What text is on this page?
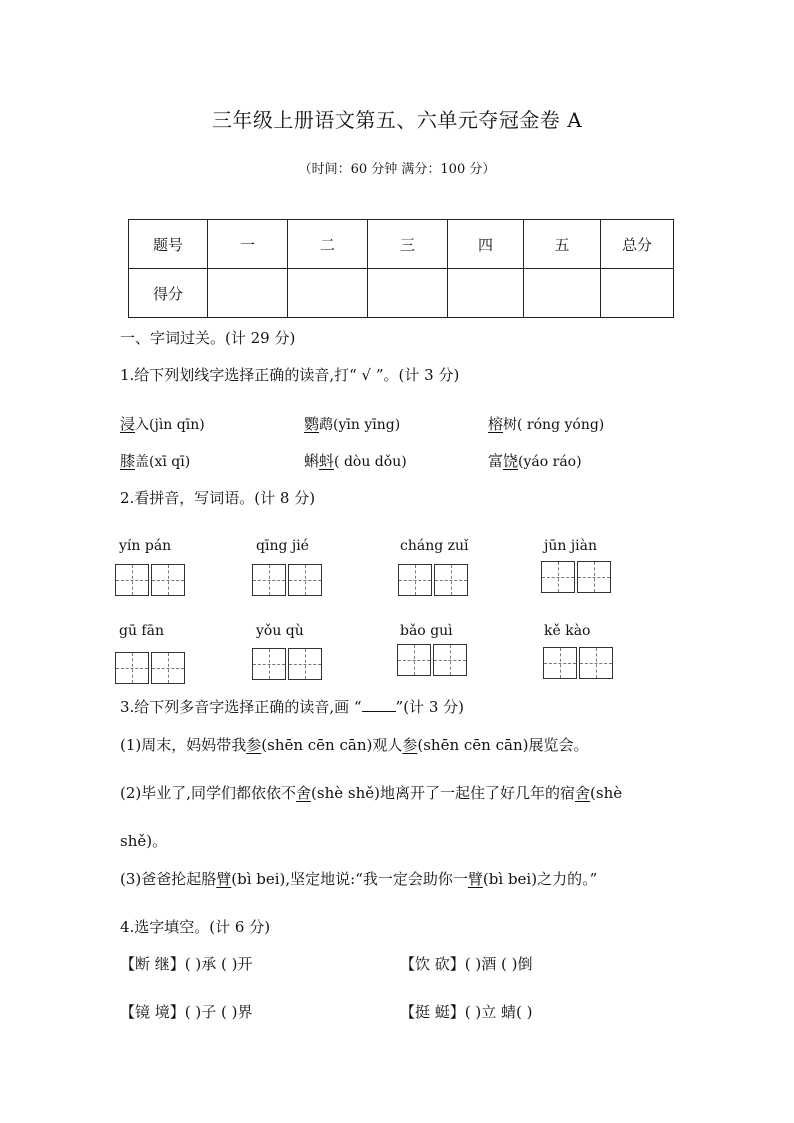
三年级上册语文第五、六单元夺冠金卷 A
（时间：60 分钟 满分：100 分）
题号	一	二	三	四	五	总分
得分						
一、字词过关。(计 29 分)
1.给下列划线字选择正确的读音,打“ √ ”。(计 3 分)
浸入(jìn qīn)	鹦鹉(yīn yīng)	榕树( róng yóng)
膝盖(xī qī)	蝌蚪( dòu dǒu)	富饶(yáo ráo)
2.看拼音，写词语。(计 8 分)
yín pán	qīng jié	cháng zuǐ	jūn jiàn
gū fān	yǒu qù	bǎo guì	kě kào
3.给下列多音字选择正确的读音,画 “ ”(计 3 分)
(1)周末，妈妈带我参(shēn cēn cān)观人参(shēn cēn cān)展览会。
(2)毕业了,同学们都依依不舍(shè shě)地离开了一起住了好几年的宿舍(shè
shě)。
(3)爸爸抡起胳臂(bì bei),坚定地说:“我一定会助你一臂(bì bei)之力的。”
4.选字填空。(计 6 分)
【断 继】( )承 ( )开	【饮 砍】( )酒 ( )倒
【镜 境】( )子 ( )界	【挺 蜓】( )立 蜻( )
